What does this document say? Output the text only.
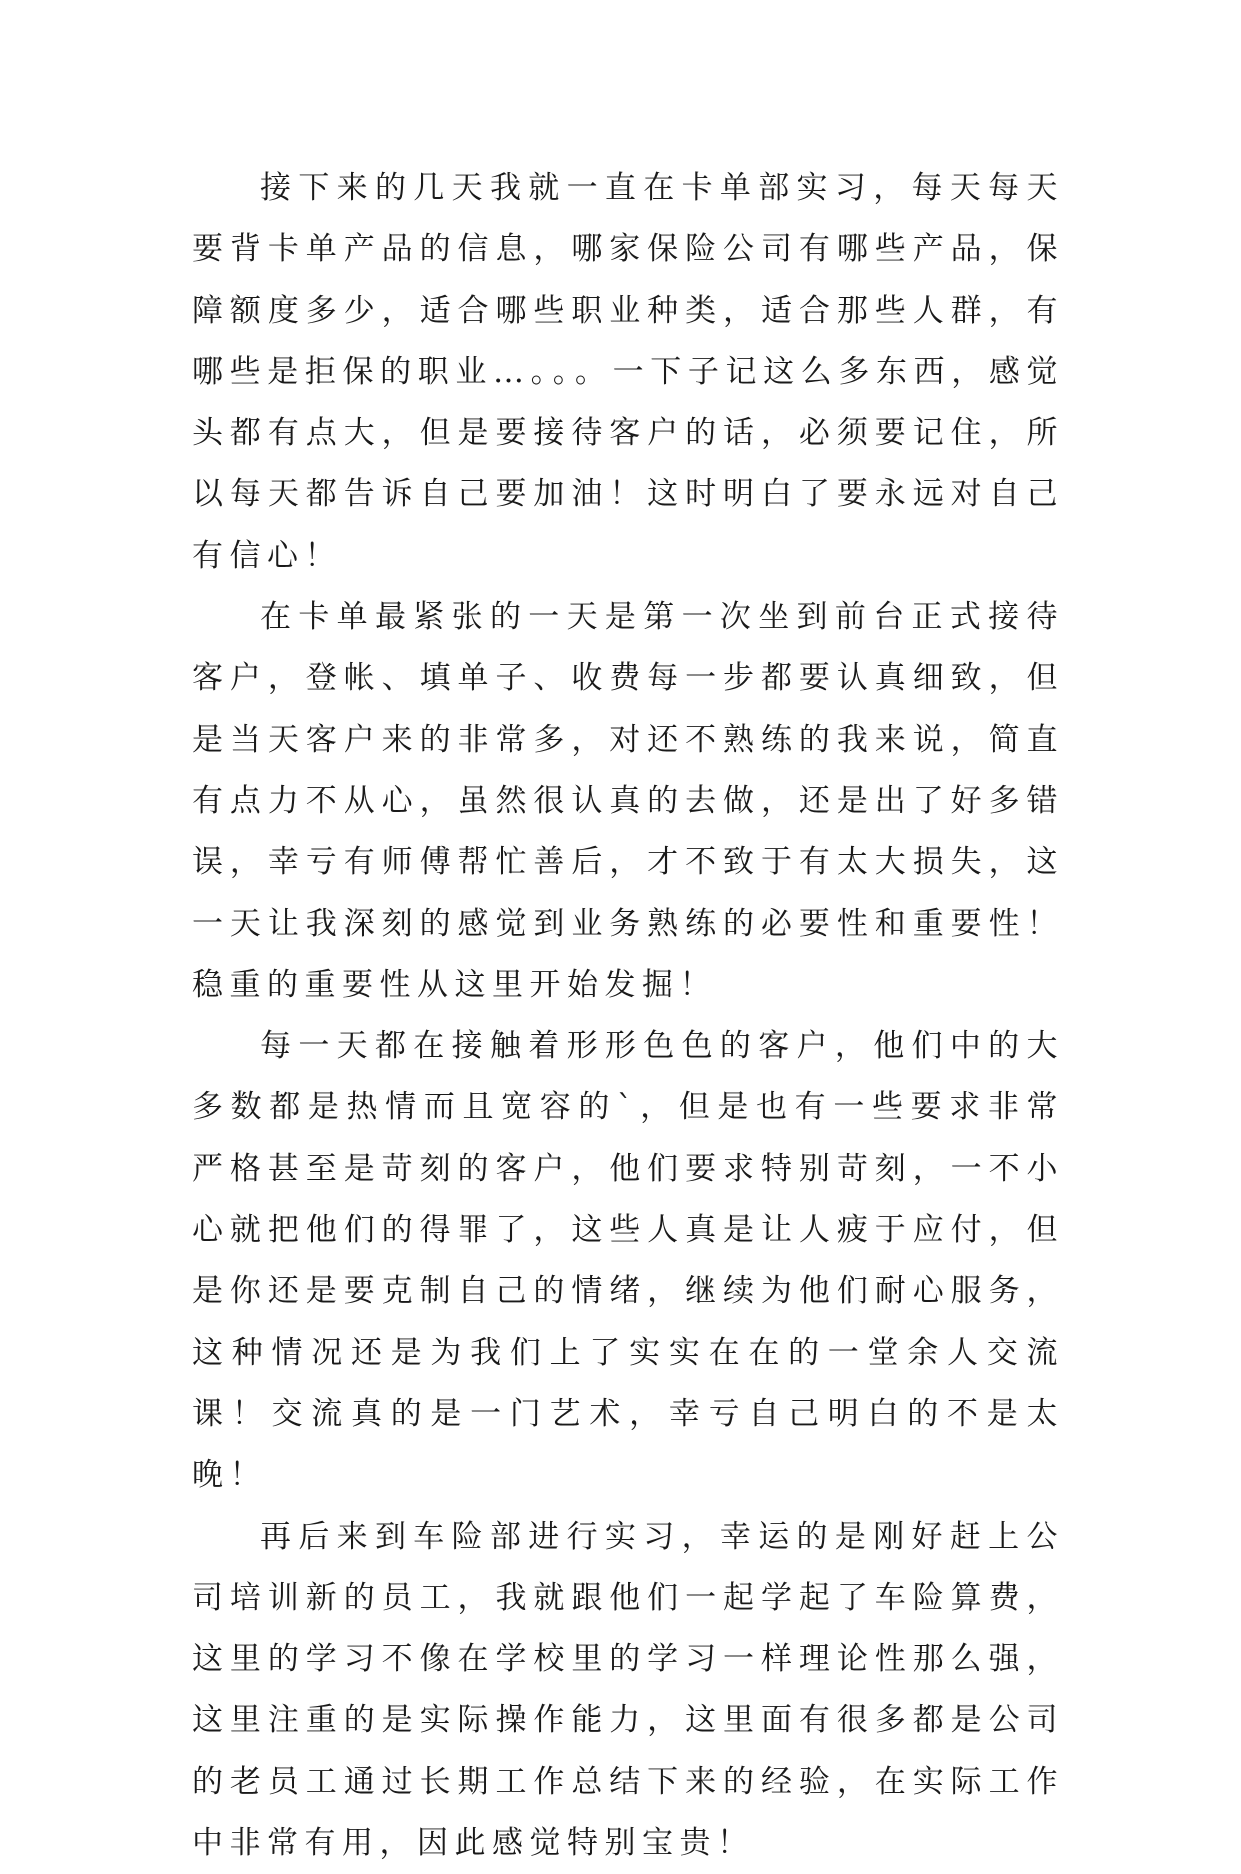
接下来的几天我就一直在卡单部实习，每天每天要背卡单产品的信息，哪家保险公司有哪些产品，保障额度多少，适合哪些职业种类，适合那些人群，有哪些是拒保的职业…。。。一下子记这么多东西，感觉头都有点大，但是要接待客户的话，必须要记住，所以每天都告诉自己要加油！这时明白了要永远对自己有信心！

在卡单最紧张的一天是第一次坐到前台正式接待客户，登帐、填单子、收费每一步都要认真细致，但是当天客户来的非常多，对还不熟练的我来说，简直有点力不从心，虽然很认真的去做，还是出了好多错误，幸亏有师傅帮忙善后，才不致于有太大损失，这一天让我深刻的感觉到业务熟练的必要性和重要性！稳重的重要性从这里开始发掘！

每一天都在接触着形形色色的客户，他们中的大多数都是热情而且宽容的`，但是也有一些要求非常严格甚至是苛刻的客户，他们要求特别苛刻，一不小心就把他们的得罪了，这些人真是让人疲于应付，但是你还是要克制自己的情绪，继续为他们耐心服务，这种情况还是为我们上了实实在在的一堂余人交流课！交流真的是一门艺术，幸亏自己明白的不是太晚！

再后来到车险部进行实习，幸运的是刚好赶上公司培训新的员工，我就跟他们一起学起了车险算费，这里的学习不像在学校里的学习一样理论性那么强，这里注重的是实际操作能力，这里面有很多都是公司的老员工通过长期工作总结下来的经验，在实际工作中非常有用，因此感觉特别宝贵！
